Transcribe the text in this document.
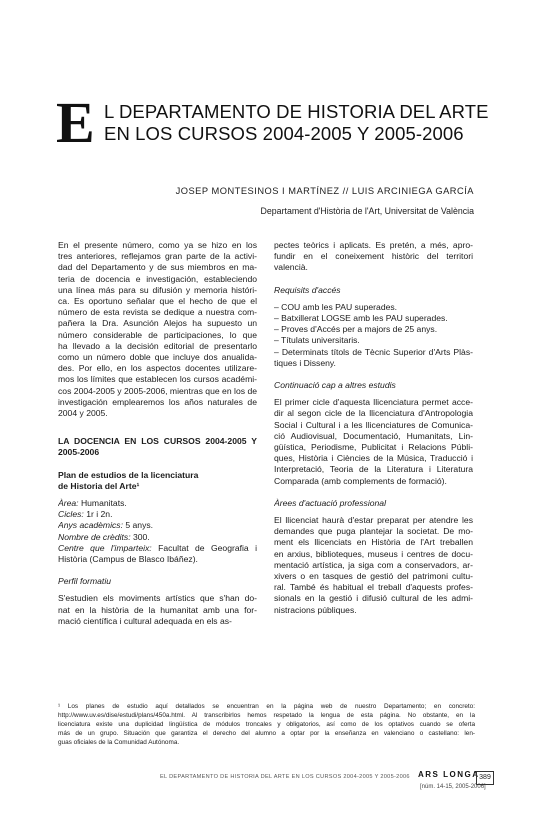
E L DEPARTAMENTO DE HISTORIA DEL ARTE
EN LOS CURSOS 2004-2005 Y 2005-2006
JOSEP MONTESINOS I MARTÍNEZ // LUIS ARCINIEGA GARCÍA
Departament d'Història de l'Art, Universitat de València
En el presente número, como ya se hizo en los
tres anteriores, reflejamos gran parte de la activi-
dad del Departamento y de sus miembros en ma-
teria de docencia e investigación, estableciendo
una línea más para su difusión y memoria históri-
ca. Es oportuno señalar que el hecho de que el
número de esta revista se dedique a nuestra com-
pañera la Dra. Asunción Alejos ha supuesto un
número considerable de participaciones, lo que
ha llevado a la decisión editorial de presentarlo
como un número doble que incluye dos anualida-
des. Por ello, en los aspectos docentes utilizare-
mos los límites que establecen los cursos académi-
cos 2004-2005 y 2005-2006, mientras que en los de
investigación emplearemos los años naturales de
2004 y 2005.
LA DOCENCIA EN LOS CURSOS 2004-2005 Y
2005-2006
Plan de estudios de la licenciatura
de Historia del Arte¹
Àrea: Humanitats.
Cicles: 1r i 2n.
Anys acadèmics: 5 anys.
Nombre de crèdits: 300.
Centre que l'imparteix: Facultat de Geografia i
Història (Campus de Blasco Ibáñez).
Perfil formatiu
S'estudien els moviments artístics que s'han do-
nat en la història de la humanitat amb una for-
mació científica i cultural adequada en els as-
pectes teòrics i aplicats. Es pretén, a més, apro-
fundir en el coneixement històric del territori
valencià.
Requisits d'accés
– COU amb les PAU superades.
– Batxillerat LOGSE amb les PAU superades.
– Proves d'Accés per a majors de 25 anys.
– Títulats universitaris.
– Determinats títols de Tècnic Superior d'Arts Plàs-
tiques i Disseny.
Continuació cap a altres estudis
El primer cicle d'aquesta llicenciatura permet acce-
dir al segon cicle de la llicenciatura d'Antropologia
Social i Cultural i a les llicenciatures de Comunica-
ció Audiovisual, Documentació, Humanitats, Lin-
güística, Periodisme, Publicitat i Relacions Públi-
ques, Història i Ciències de la Música, Traducció i
Interpretació, Teoria de la Literatura i Literatura
Comparada (amb complements de formació).
Àrees d'actuació professional
El llicenciat haurà d'estar preparat per atendre les
demandes que puga plantejar la societat. De mo-
ment els llicenciats en Història de l'Art treballen
en arxius, biblioteques, museus i centres de docu-
mentació artística, ja siga com a conservadors, ar-
xivers o en tasques de gestió del patrimoni cultu-
ral. També és habitual el treball d'aquests profes-
sionals en la gestió i difusió cultural de les admi-
nistracions públiques.
¹ Los planes de estudio aquí detallados se encuentran en la página web de nuestro Departamento; en concreto:
http://www.uv.es/dise/estudi/plans/450a.html. Al transcribirlos hemos respetado la lengua de esta página. No obstante, en la
licenciatura existe una duplicidad lingüística de módulos troncales y obligatorios, así como de los optativos cuando se oferta
más de un grupo. Situación que garantiza el derecho del alumno a optar por la enseñanza en valenciano o castellano: len-
guas oficiales de la Comunidad Autónoma.
EL DEPARTAMENTO DE HISTORIA DEL ARTE EN LOS CURSOS 2004-2005 Y 2005-2006 ARS LONGA 389
[núm. 14-15, 2005-2006]
